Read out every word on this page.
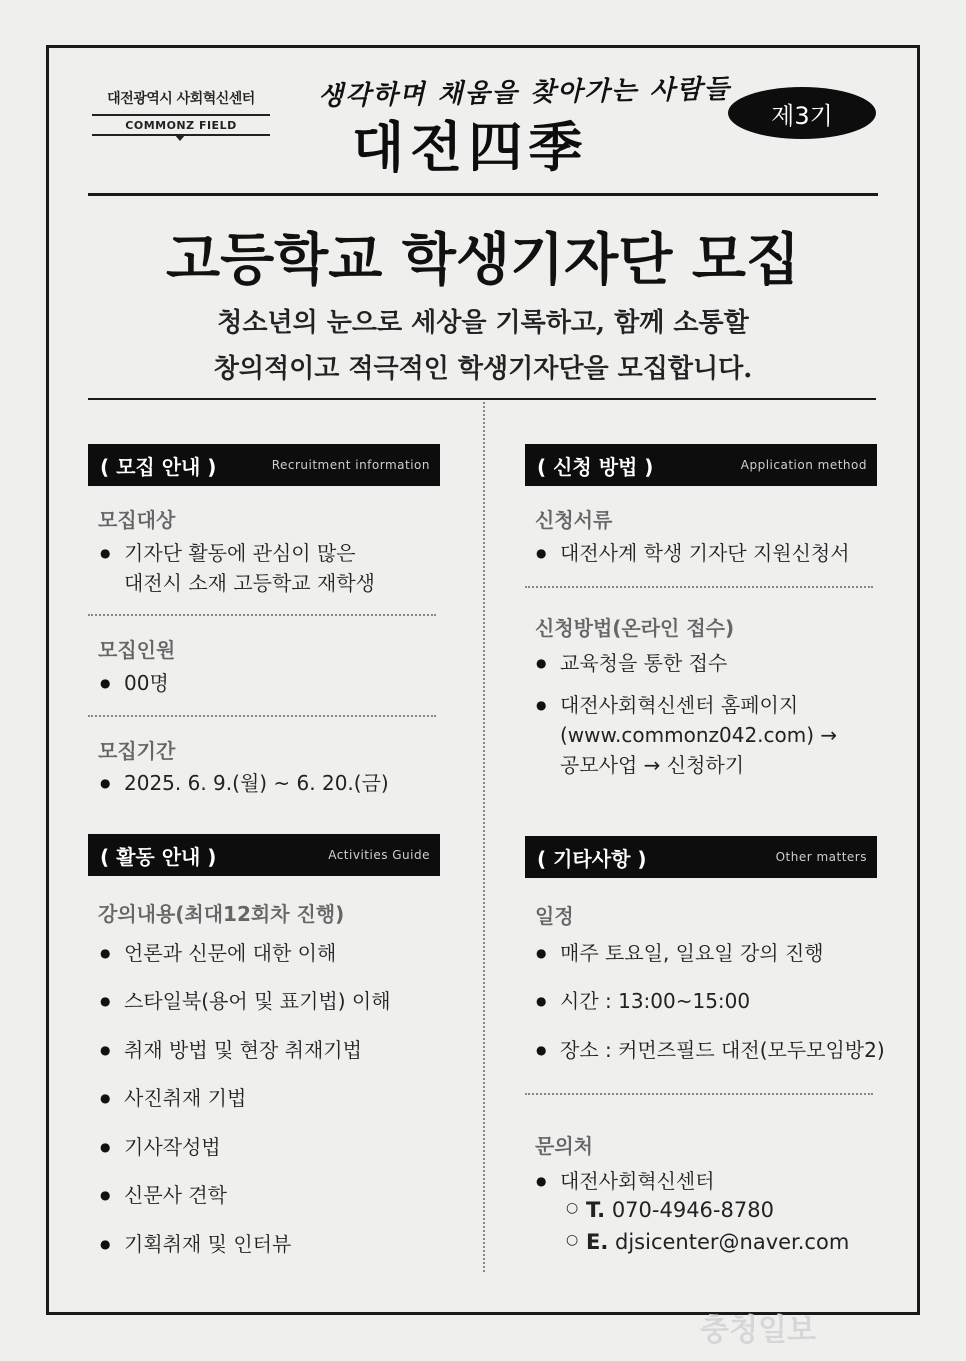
대전광역시 사회혁신센터
COMMONZ FIELD
생각하며 채움을 찾아가는 사람들
대전四季	제3기
고등학교 학생기자단 모집
청소년의 눈으로 세상을 기록하고, 함께 소통할
창의적이고 적극적인 학생기자단을 모집합니다.
( 모집 안내 )	Recruitment information
모집대상
● 기자단 활동에 관심이 많은
대전시 소재 고등학교 재학생
모집인원
● 00명
모집기간
● 2025. 6. 9.(월) ~ 6. 20.(금)
( 신청 방법 )	Application method
신청서류
● 대전사계 학생 기자단 지원신청서
신청방법(온라인 접수)
● 교육청을 통한 접수
● 대전사회혁신센터 홈페이지
(www.commonz042.com) →
공모사업 → 신청하기
( 활동 안내 )	Activities Guide
강의내용(최대12회차 진행)
● 언론과 신문에 대한 이해
● 스타일북(용어 및 표기법) 이해
● 취재 방법 및 현장 취재기법
● 사진취재 기법
● 기사작성법
● 신문사 견학
● 기획취재 및 인터뷰
( 기타사항 )	Other matters
일정
● 매주 토요일, 일요일 강의 진행
● 시간 : 13:00~15:00
● 장소 : 커먼즈필드 대전(모두모임방2)
문의처
● 대전사회혁신센터
○ T. 070-4946-8780
○ E. djsicenter@naver.com
충청일보
